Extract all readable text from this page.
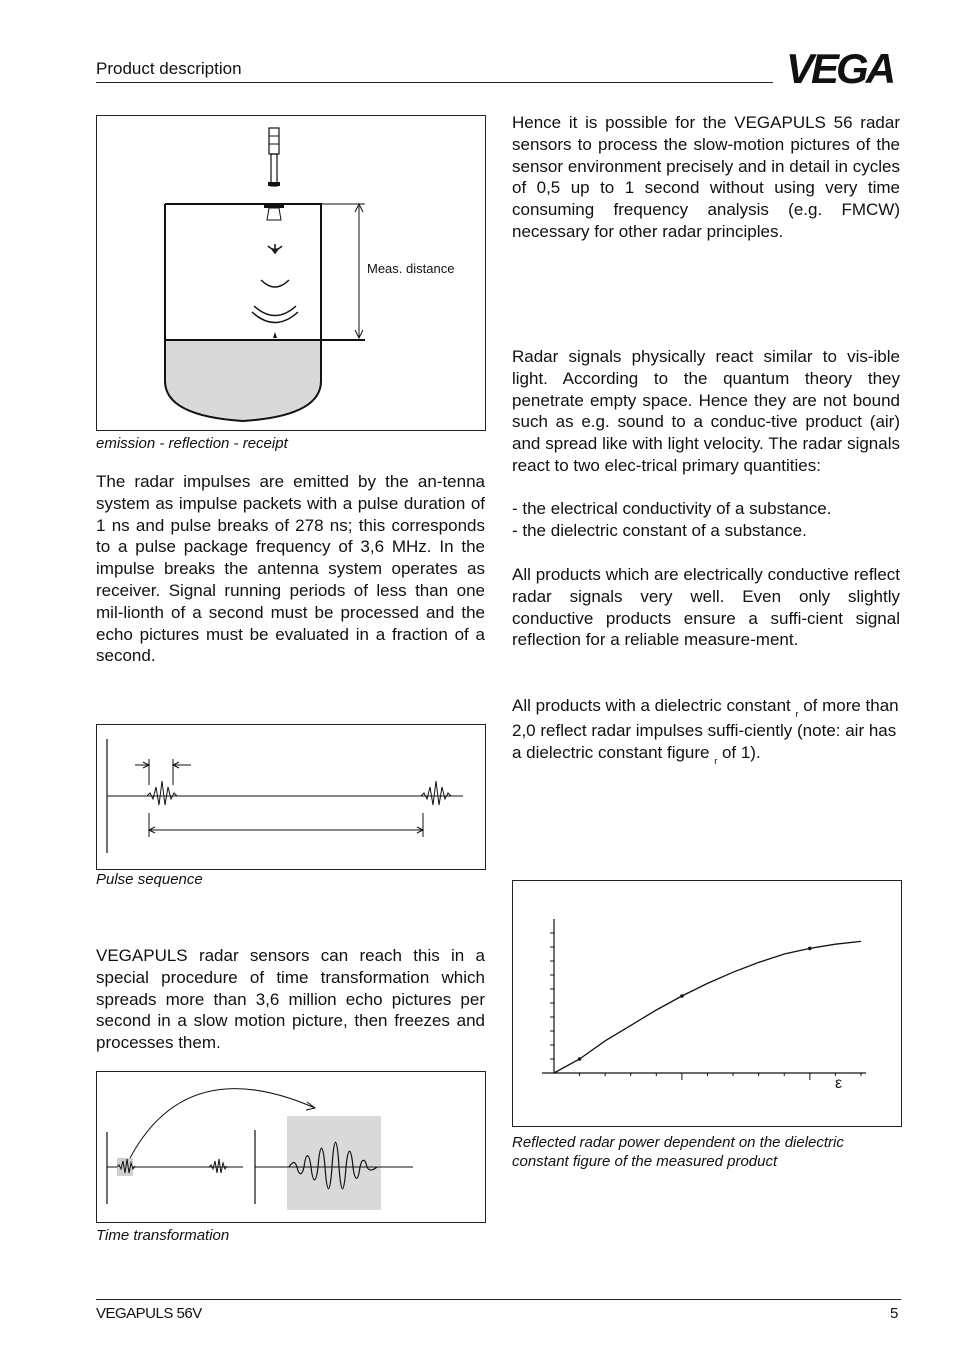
Product description	VEGA
Meas. distance
emission - reflection - receipt

The radar impulses are emitted by the an-tenna system as impulse packets with a pulse duration of 1 ns and pulse breaks of 278 ns; this corresponds to a pulse package frequency of 3,6 MHz. In the impulse breaks the antenna system operates as receiver. Signal running periods of less than one mil-lionth of a second must be processed and the echo pictures must be evaluated in a fraction of a second.

Pulse sequence

VEGAPULS radar sensors can reach this in a special procedure of time transformation which spreads more than 3,6 million echo pictures per second in a slow motion picture, then freezes and processes them.

Time transformation

Hence it is possible for the VEGAPULS 56 radar sensors to process the slow-motion pictures of the sensor environment precisely and in detail in cycles of 0,5 up to 1 second without using very time consuming frequency analysis (e.g. FMCW) necessary for other radar principles.

Radar signals physically react similar to vis-ible light. According to the quantum theory they penetrate empty space. Hence they are not bound such as e.g. sound to a conduc-tive product (air) and spread like with light velocity. The radar signals react to two elec-trical primary quantities:

- the electrical conductivity of a substance.
- the dielectric constant of a substance.

All products which are electrically conductive reflect radar signals very well. Even only slightly conductive products ensure a suffi-cient signal reflection for a reliable measure-ment.

All products with a dielectric constant $_r$ of more than 2,0 reflect radar impulses suffi-ciently (note: air has a dielectric constant figure $_r$ of 1).

ε
Reflected radar power dependent on the dielectric constant figure of the measured product
VEGAPULS 56V	5
